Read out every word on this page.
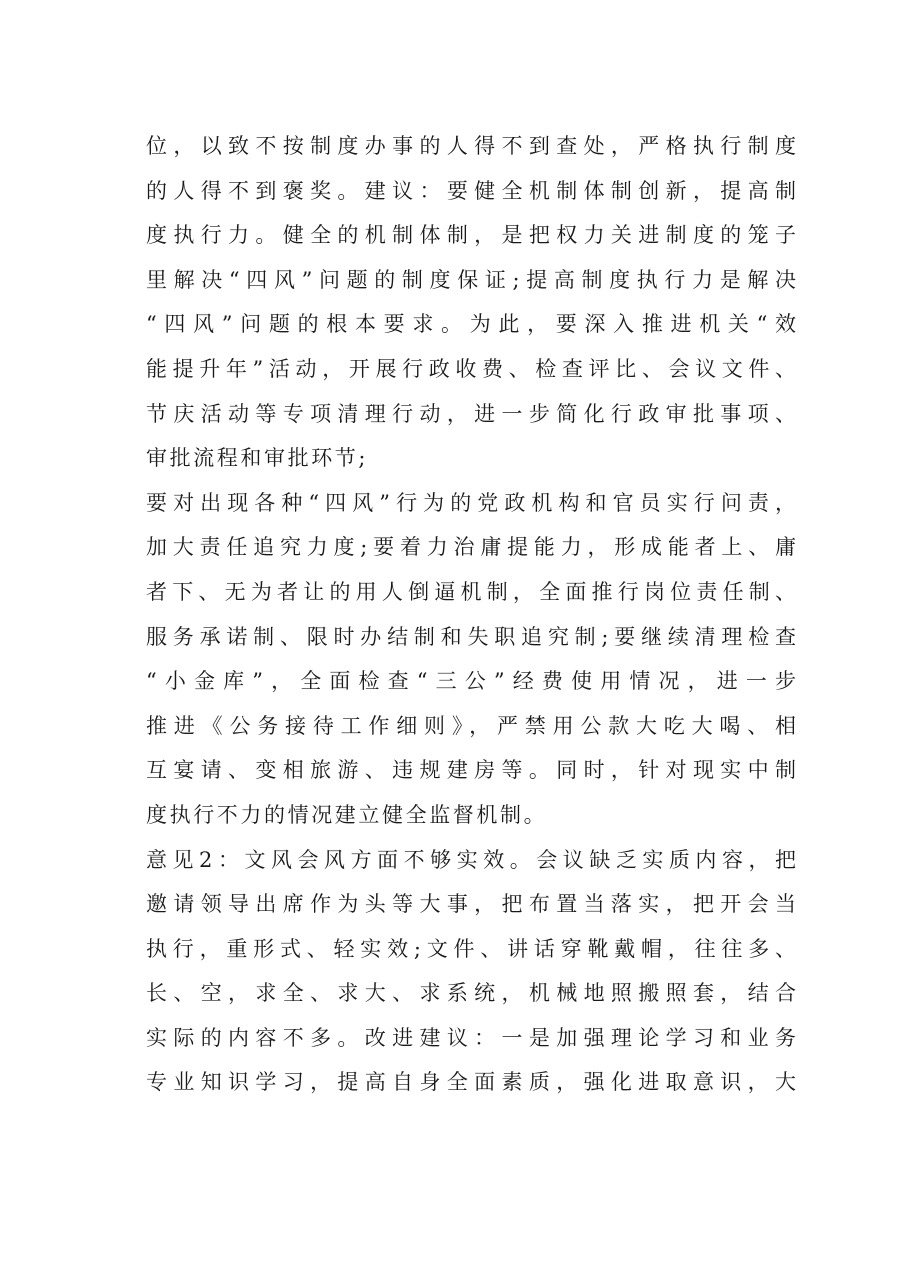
位，以致不按制度办事的人得不到查处，严格执行制度
的人得不到褒奖。建议：要健全机制体制创新，提高制
度执行力。健全的机制体制，是把权力关进制度的笼子
里解决“四风”问题的制度保证;提高制度执行力是解决
“四风”问题的根本要求。为此，要深入推进机关“效
能提升年”活动，开展行政收费、检查评比、会议文件、
节庆活动等专项清理行动，进一步简化行政审批事项、
审批流程和审批环节;
要对出现各种“四风”行为的党政机构和官员实行问责，
加大责任追究力度;要着力治庸提能力，形成能者上、庸
者下、无为者让的用人倒逼机制，全面推行岗位责任制、
服务承诺制、限时办结制和失职追究制;要继续清理检查
“小金库”，全面检查“三公”经费使用情况，进一步
推进《公务接待工作细则》，严禁用公款大吃大喝、相
互宴请、变相旅游、违规建房等。同时，针对现实中制
度执行不力的情况建立健全监督机制。
意见2：文风会风方面不够实效。会议缺乏实质内容，把
邀请领导出席作为头等大事，把布置当落实，把开会当
执行，重形式、轻实效;文件、讲话穿靴戴帽，往往多、
长、空，求全、求大、求系统，机械地照搬照套，结合
实际的内容不多。改进建议：一是加强理论学习和业务
专业知识学习，提高自身全面素质，强化进取意识，大
